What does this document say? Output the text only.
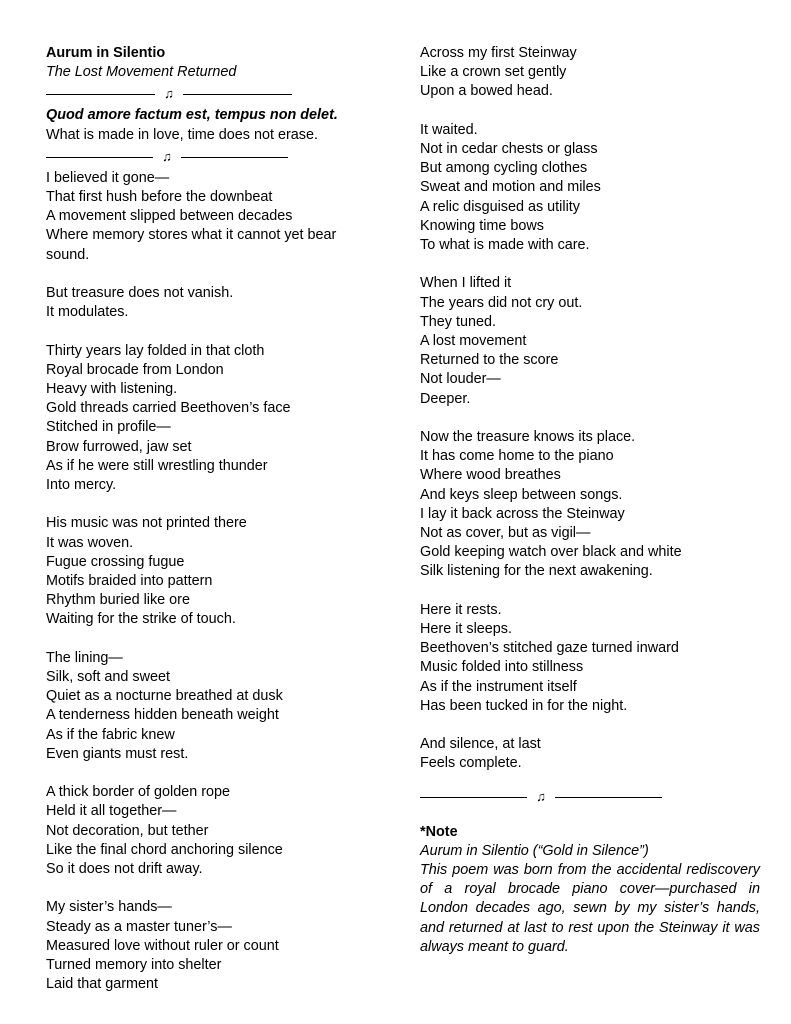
Aurum in Silentio
The Lost Movement Returned
♫
Quod amore factum est, tempus non delet.
What is made in love, time does not erase.
♫
I believed it gone—
That first hush before the downbeat
A movement slipped between decades
Where memory stores what it cannot yet bear
sound.
But treasure does not vanish.
It modulates.
Thirty years lay folded in that cloth
Royal brocade from London
Heavy with listening.
Gold threads carried Beethoven’s face
Stitched in profile—
Brow furrowed, jaw set
As if he were still wrestling thunder
Into mercy.
His music was not printed there
It was woven.
Fugue crossing fugue
Motifs braided into pattern
Rhythm buried like ore
Waiting for the strike of touch.
The lining—
Silk, soft and sweet
Quiet as a nocturne breathed at dusk
A tenderness hidden beneath weight
As if the fabric knew
Even giants must rest.
A thick border of golden rope
Held it all together—
Not decoration, but tether
Like the final chord anchoring silence
So it does not drift away.
My sister’s hands—
Steady as a master tuner’s—
Measured love without ruler or count
Turned memory into shelter
Laid that garment
Across my first Steinway
Like a crown set gently
Upon a bowed head.
It waited.
Not in cedar chests or glass
But among cycling clothes
Sweat and motion and miles
A relic disguised as utility
Knowing time bows
To what is made with care.
When I lifted it
The years did not cry out.
They tuned.
A lost movement
Returned to the score
Not louder—
Deeper.
Now the treasure knows its place.
It has come home to the piano
Where wood breathes
And keys sleep between songs.
I lay it back across the Steinway
Not as cover, but as vigil—
Gold keeping watch over black and white
Silk listening for the next awakening.
Here it rests.
Here it sleeps.
Beethoven’s stitched gaze turned inward
Music folded into stillness
As if the instrument itself
Has been tucked in for the night.
And silence, at last
Feels complete.
♫
*Note
Aurum in Silentio (“Gold in Silence”)
This poem was born from the accidental rediscovery of a royal brocade piano cover—purchased in London decades ago, sewn by my sister’s hands, and returned at last to rest upon the Steinway it was always meant to guard.
